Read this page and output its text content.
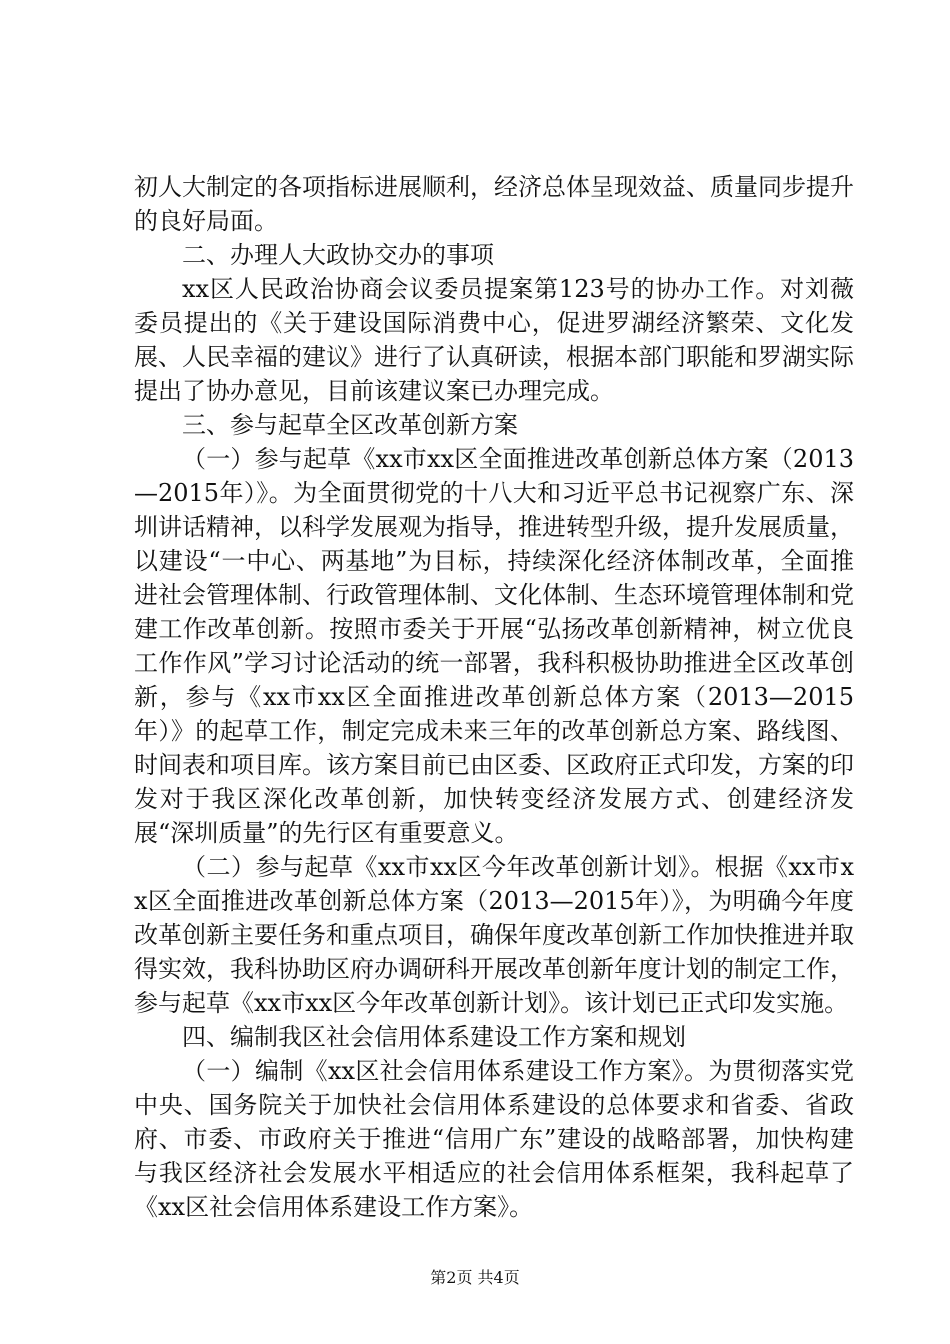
初人大制定的各项指标进展顺利，经济总体呈现效益、质量同步提升的良好局面。

二、办理人大政协交办的事项

xx区人民政治协商会议委员提案第123号的协办工作。对刘薇委员提出的《关于建设国际消费中心，促进罗湖经济繁荣、文化发展、人民幸福的建议》进行了认真研读，根据本部门职能和罗湖实际提出了协办意见，目前该建议案已办理完成。

三、参与起草全区改革创新方案

（一）参与起草《xx市xx区全面推进改革创新总体方案（2013—2015年）》。为全面贯彻党的十八大和习近平总书记视察广东、深圳讲话精神，以科学发展观为指导，推进转型升级，提升发展质量，以建设“一中心、两基地”为目标，持续深化经济体制改革，全面推进社会管理体制、行政管理体制、文化体制、生态环境管理体制和党建工作改革创新。按照市委关于开展“弘扬改革创新精神，树立优良工作作风”学习讨论活动的统一部署，我科积极协助推进全区改革创新，参与《xx市xx区全面推进改革创新总体方案（2013—2015年）》的起草工作，制定完成未来三年的改革创新总方案、路线图、时间表和项目库。该方案目前已由区委、区政府正式印发，方案的印发对于我区深化改革创新，加快转变经济发展方式、创建经济发展“深圳质量”的先行区有重要意义。

（二）参与起草《xx市xx区今年改革创新计划》。根据《xx市xx区全面推进改革创新总体方案（2013—2015年）》，为明确今年度改革创新主要任务和重点项目，确保年度改革创新工作加快推进并取得实效，我科协助区府办调研科开展改革创新年度计划的制定工作，参与起草《xx市xx区今年改革创新计划》。该计划已正式印发实施。

四、编制我区社会信用体系建设工作方案和规划

（一）编制《xx区社会信用体系建设工作方案》。为贯彻落实党中央、国务院关于加快社会信用体系建设的总体要求和省委、省政府、市委、市政府关于推进“信用广东”建设的战略部署，加快构建与我区经济社会发展水平相适应的社会信用体系框架，我科起草了《xx区社会信用体系建设工作方案》。

第2页 共4页
